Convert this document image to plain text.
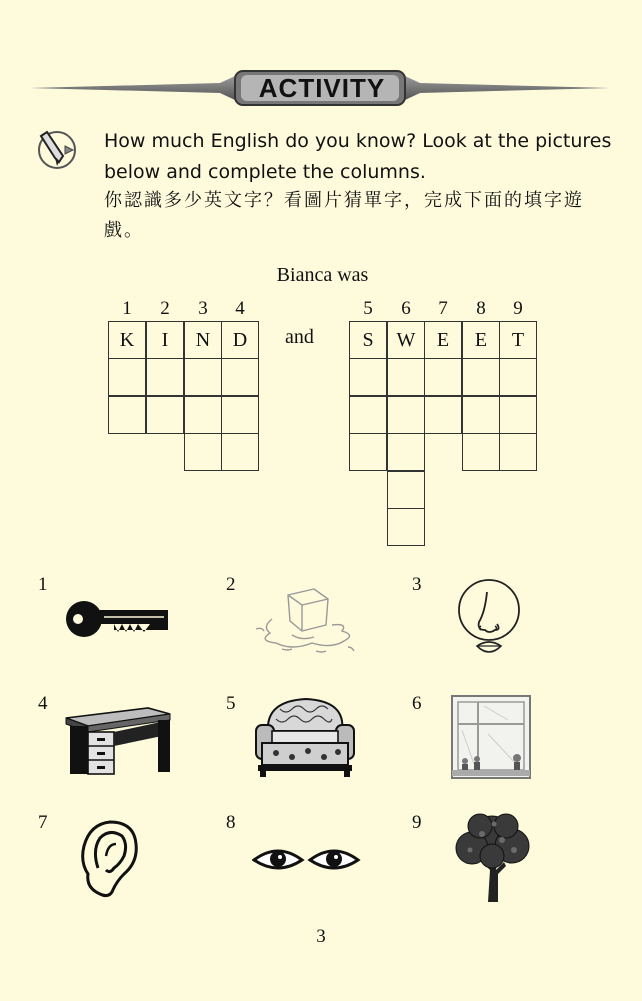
ACTIVITY
How much English do you know? Look at the pictures below and complete the columns.
你認識多少英文字？看圖片猜單字，完成下面的填字遊戲。
Bianca was
1	2	3	4	5	6	7	8	9
and
K	I	N	D	S	W	E	E	T
1	2	3
4	5	6
7	8	9
3
